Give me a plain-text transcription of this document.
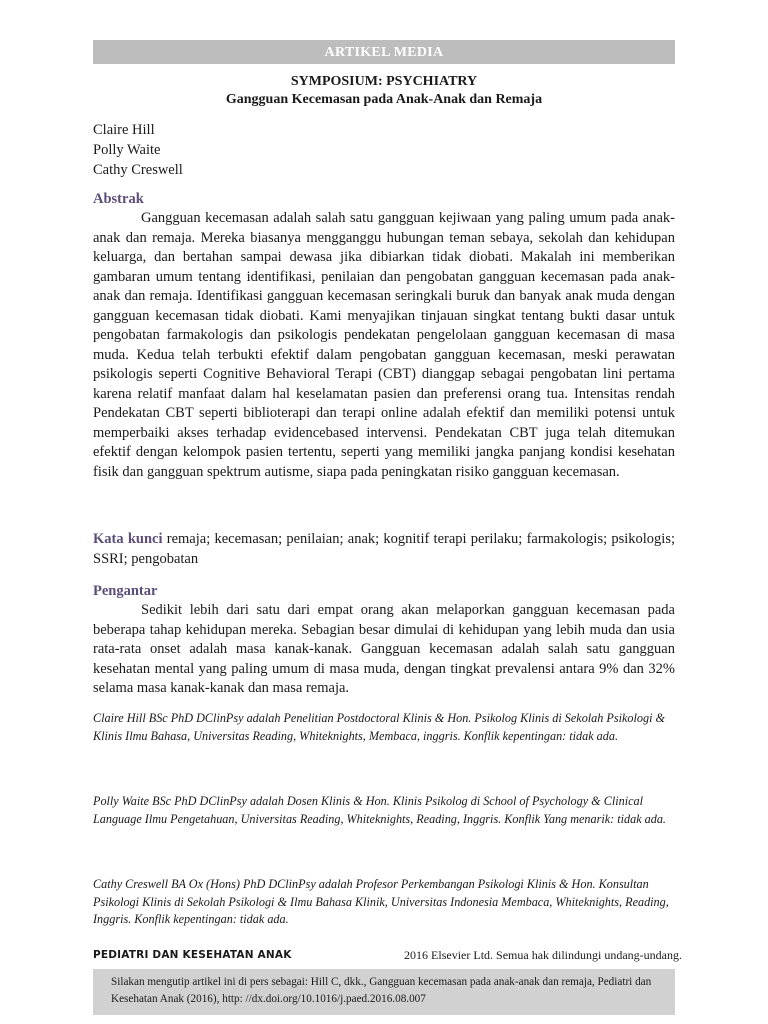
ARTIKEL MEDIA
SYMPOSIUM: PSYCHIATRY
Gangguan Kecemasan pada Anak-Anak dan Remaja
Claire Hill
Polly Waite
Cathy Creswell
Abstrak

Gangguan kecemasan adalah salah satu gangguan kejiwaan yang paling umum pada anak-anak dan remaja. Mereka biasanya mengganggu hubungan teman sebaya, sekolah dan kehidupan keluarga, dan bertahan sampai dewasa jika dibiarkan tidak diobati. Makalah ini memberikan gambaran umum tentang identifikasi, penilaian dan pengobatan gangguan kecemasan pada anak-anak dan remaja. Identifikasi gangguan kecemasan seringkali buruk dan banyak anak muda dengan gangguan kecemasan tidak diobati. Kami menyajikan tinjauan singkat tentang bukti dasar untuk pengobatan farmakologis dan psikologis pendekatan pengelolaan gangguan kecemasan di masa muda. Kedua telah terbukti efektif dalam pengobatan gangguan kecemasan, meski perawatan psikologis seperti Cognitive Behavioral Terapi (CBT) dianggap sebagai pengobatan lini pertama karena relatif manfaat dalam hal keselamatan pasien dan preferensi orang tua. Intensitas rendah Pendekatan CBT seperti biblioterapi dan terapi online adalah efektif dan memiliki potensi untuk memperbaiki akses terhadap evidencebased intervensi. Pendekatan CBT juga telah ditemukan efektif dengan kelompok pasien tertentu, seperti yang memiliki jangka panjang kondisi kesehatan fisik dan gangguan spektrum autisme, siapa pada peningkatan risiko gangguan kecemasan.

Kata kunci remaja; kecemasan; penilaian; anak; kognitif terapi perilaku; farmakologis; psikologis; SSRI; pengobatan

Pengantar

Sedikit lebih dari satu dari empat orang akan melaporkan gangguan kecemasan pada beberapa tahap kehidupan mereka. Sebagian besar dimulai di kehidupan yang lebih muda dan usia rata-rata onset adalah masa kanak-kanak. Gangguan kecemasan adalah salah satu gangguan kesehatan mental yang paling umum di masa muda, dengan tingkat prevalensi antara 9% dan 32% selama masa kanak-kanak dan masa remaja.

Claire Hill BSc PhD DClinPsy adalah Penelitian Postdoctoral Klinis & Hon. Psikolog Klinis di Sekolah Psikologi & Klinis Ilmu Bahasa, Universitas Reading, Whiteknights, Membaca, inggris. Konflik kepentingan: tidak ada.

Polly Waite BSc PhD DClinPsy adalah Dosen Klinis & Hon. Klinis Psikolog di School of Psychology & Clinical Language Ilmu Pengetahuan, Universitas Reading, Whiteknights, Reading, Inggris. Konflik Yang menarik: tidak ada.

Cathy Creswell BA Ox (Hons) PhD DClinPsy adalah Profesor Perkembangan Psikologi Klinis & Hon. Konsultan Psikologi Klinis di Sekolah Psikologi & Ilmu Bahasa Klinik, Universitas Indonesia Membaca, Whiteknights, Reading, Inggris. Konflik kepentingan: tidak ada.

PEDIATRI DAN KESEHATAN ANAK	2016 Elsevier Ltd. Semua hak dilindungi undang-undang.
Silakan mengutip artikel ini di pers sebagai: Hill C, dkk., Gangguan kecemasan pada anak-anak dan remaja, Pediatri dan Kesehatan Anak (2016), http: //dx.doi.org/10.1016/j.paed.2016.08.007
